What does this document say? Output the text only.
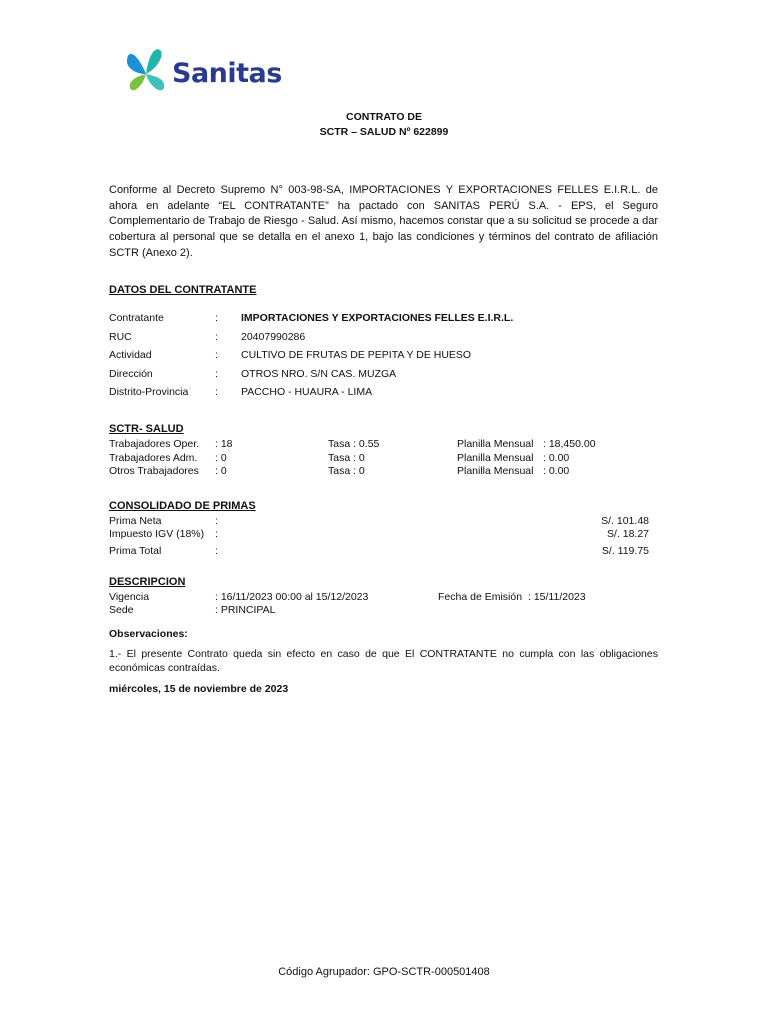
Sanitas
CONTRATO DE
SCTR – SALUD Nº 622899
Conforme al Decreto Supremo N° 003-98-SA, IMPORTACIONES Y EXPORTACIONES FELLES E.I.R.L. de ahora en adelante “EL CONTRATANTE” ha pactado con SANITAS PERÚ S.A. - EPS, el Seguro Complementario de Trabajo de Riesgo - Salud. Así mismo, hacemos constar que a su solicitud se procede a dar cobertura al personal que se detalla en el anexo 1, bajo las condiciones y términos del contrato de afiliación SCTR (Anexo 2).
DATOS DEL CONTRATANTE
Contratante	: IMPORTACIONES Y EXPORTACIONES FELLES E.I.R.L.
RUC	: 20407990286
Actividad	: CULTIVO DE FRUTAS DE PEPITA Y DE HUESO
Dirección	: OTROS NRO. S/N CAS. MUZGA
Distrito-Provincia	: PACCHO - HUAURA - LIMA
SCTR- SALUD
Trabajadores Oper. : 18	Tasa : 0.55	Planilla Mensual : 18,450.00
Trabajadores Adm. : 0	Tasa : 0	Planilla Mensual : 0.00
Otros Trabajadores : 0	Tasa : 0	Planilla Mensual : 0.00
CONSOLIDADO DE PRIMAS
Prima Neta	:	S/. 101.48
Impuesto IGV (18%) :	S/. 18.27
Prima Total	:	S/. 119.75
DESCRIPCION
Vigencia	: 16/11/2023 00:00 al 15/12/2023	Fecha de Emisión : 15/11/2023
Sede	: PRINCIPAL
Observaciones:
1.- El presente Contrato queda sin efecto en caso de que El CONTRATANTE no cumpla con las obligaciones económicas contraídas.
miércoles, 15 de noviembre de 2023
Código Agrupador: GPO-SCTR-000501408
